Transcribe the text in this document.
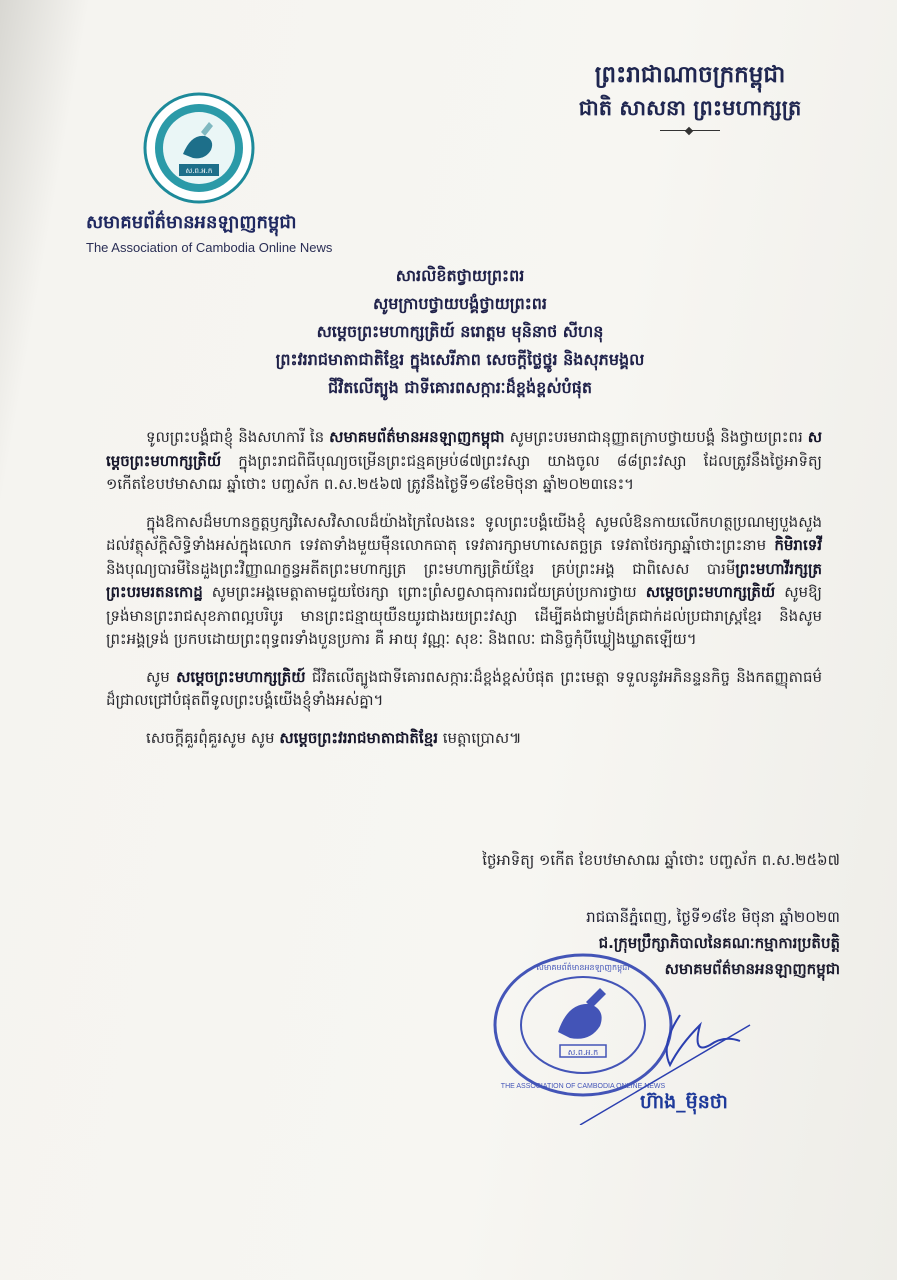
ព្រះរាជាណាចក្រកម្ពុជា
ជាតិ សាសនា ព្រះមហាក្សត្រ
ស.ព.អ.ក
សមាគមព័ត៌មានអនឡាញកម្ពុជា
The Association of Cambodia Online News
សារលិខិតថ្វាយព្រះពរ
សូមក្រាបថ្វាយបង្គំថ្វាយព្រះពរ
សម្តេចព្រះមហាក្សត្រិយ៍ នរោត្តម មុនិនាថ សីហនុ
ព្រះវររាជមាតាជាតិខ្មែរ ក្នុងសេរីភាព សេចក្តីថ្លៃថ្នូរ និងសុភមង្គល
ជីវិតលើត្បូង ជាទីគោរពសក្ការៈដ៏ខ្ពង់ខ្ពស់បំផុត

ទូលព្រះបង្គំជាខ្ញុំ និងសហការី នៃ សមាគមព័ត៌មានអនឡាញកម្ពុជា សូមព្រះបរមរាជានុញ្ញាតក្រាបថ្វាយបង្គំ និងថ្វាយព្រះពរ សម្តេចព្រះមហាក្សត្រិយ៍ ក្នុងព្រះរាជពិធីបុណ្យចម្រើនព្រះជន្មគម្រប់៨៧ព្រះវស្សា យាងចូល ៨៨ព្រះវស្សា ដែលត្រូវនឹងថ្ងៃអាទិត្យ ១កើតខែបឋមាសាឍ ឆ្នាំថោះ បញ្ចស័ក ព.ស.២៥៦៧ ត្រូវនឹងថ្ងៃទី១៨ខែមិថុនា ឆ្នាំ២០២៣នេះ។

ក្នុងឱកាសដ៏មហានក្ខត្តឫក្សវិសេសវិសាលដ៏យ៉ាងក្រៃលែងនេះ ទូលព្រះបង្គំយើងខ្ញុំ សូមលំឱនកាយលើកហត្ថប្រណម្យបួងសួងដល់វត្ថុស័ក្តិសិទ្ធិទាំងអស់ក្នុងលោក ទេវតាទាំងមួយម៉ឺនលោកធាតុ ទេវតារក្សាមហាសេតច្ឆត្រ ទេវតាថែរក្សាឆ្នាំថោះព្រះនាម កិមិរាទេវី និងបុណ្យបារមីនៃដួងព្រះវិញ្ញាណក្ខន្ធអតីតព្រះមហាក្សត្រ ព្រះមហាក្សត្រិយ៍ខ្មែរ គ្រប់ព្រះអង្គ ជាពិសេស បារមីព្រះមហាវីរក្សត្រព្រះបរមរតនកោដ្ឋ សូមព្រះអង្គមេត្តាតាមជួយថែរក្សា ព្រោះព្រំសព្វសាធុការពរជ័យគ្រប់ប្រការថ្វាយ សម្តេចព្រះមហាក្សត្រិយ៍ សូមឱ្យទ្រង់មានព្រះរាជសុខភាពល្អបរិបូរ មានព្រះជន្មាយុយឺនយូរជាងរយព្រះវស្សា ដើម្បីគង់ជាម្លប់ដ៏ត្រជាក់ដល់ប្រជារាស្ត្រខ្មែរ និងសូមព្រះអង្គទ្រង់ ប្រកបដោយព្រះពុទ្ធពរទាំងបួនប្រការ គឺ អាយុ វណ្ណៈ សុខៈ និងពលៈ ជានិច្ចកុំបីឃ្លៀងឃ្លាតឡើយ។

សូម សម្តេចព្រះមហាក្សត្រិយ៍ ជីវិតលើត្បូងជាទីគោរពសក្ការៈដ៏ខ្ពង់ខ្ពស់បំផុត ព្រះមេត្តា ទទួលនូវអភិនន្ទនកិច្ច និងកតញ្ញុតាធម៌ដ៏ជ្រាលជ្រៅបំផុតពីទូលព្រះបង្គំយើងខ្ញុំទាំងអស់គ្នា។

សេចក្តីគួរពុំគួរសូម សូម សម្តេចព្រះវររាជមាតាជាតិខ្មែរ មេត្តាប្រោស៕
ថ្ងៃអាទិត្យ ១កើត ខែបឋមាសាឍ ឆ្នាំថោះ បញ្ចស័ក ព.ស.២៥៦៧
រាជធានីភ្នំពេញ, ថ្ងៃទី១៨ខែ មិថុនា ឆ្នាំ២០២៣
ជ.ក្រុមប្រឹក្សាភិបាលនៃគណៈកម្មាការប្រតិបត្តិ
សមាគមព័ត៌មានអនឡាញកម្ពុជា
ស.ព.អ.ក
សមាគមព័ត៌មានអនឡាញកម្ពុជា
THE ASSOCIATION OF CAMBODIA ONLINE NEWS
ហ៊ាង_ម៊ុនថា
